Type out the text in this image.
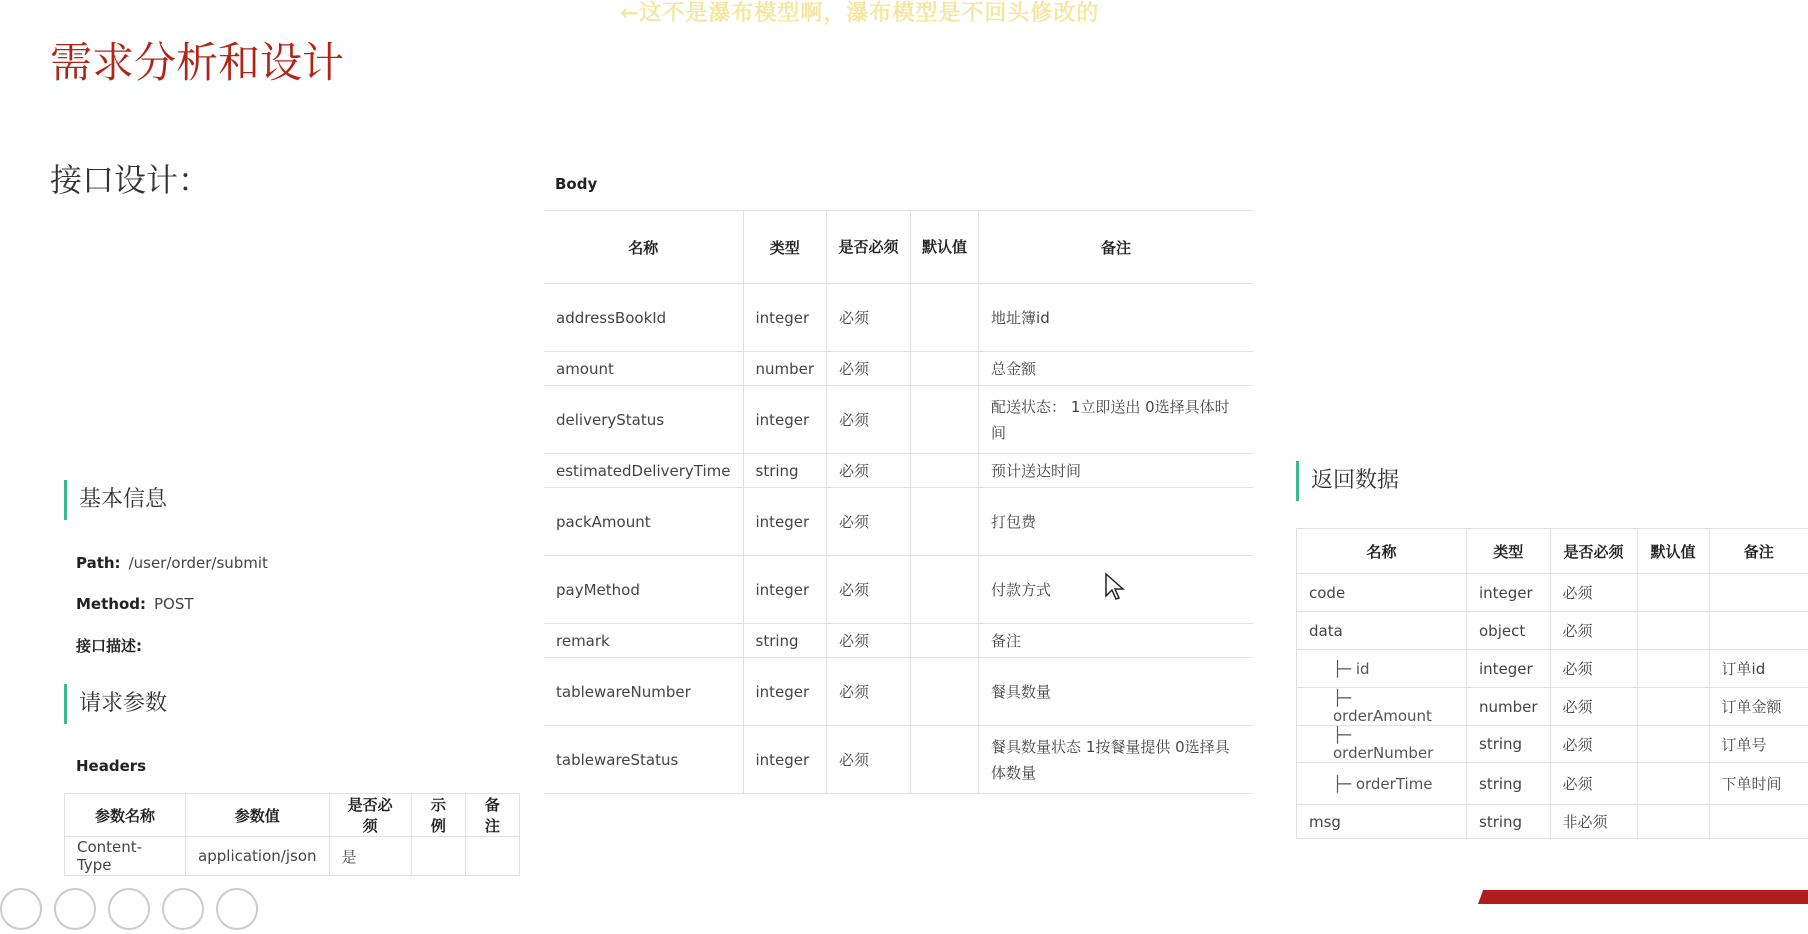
←这不是瀑布模型啊，瀑布模型是不回头修改的
需求分析和设计
接口设计：
基本信息
Path: /user/order/submit
Method: POST
接口描述:
请求参数
Headers
参数名称	参数值	是否必须	示例	备注
Content-Type	application/json	是		
Body
名称	类型	是否必须	默认值	备注
addressBookId	integer	必须		地址簿id
amount	number	必须		总金额
deliveryStatus	integer	必须		配送状态： 1立即送出 0选择具体时间
estimatedDeliveryTime	string	必须		预计送达时间
packAmount	integer	必须		打包费
payMethod	integer	必须		付款方式
remark	string	必须		备注
tablewareNumber	integer	必须		餐具数量
tablewareStatus	integer	必须		餐具数量状态 1按餐量提供 0选择具体数量
返回数据
名称	类型	是否必须	默认值	备注
code	integer	必须		
data	object	必须		
├─ id	integer	必须		订单id
├─ orderAmount	number	必须		订单金额
├─ orderNumber	string	必须		订单号
├─ orderTime	string	必须		下单时间
msg	string	非必须		
